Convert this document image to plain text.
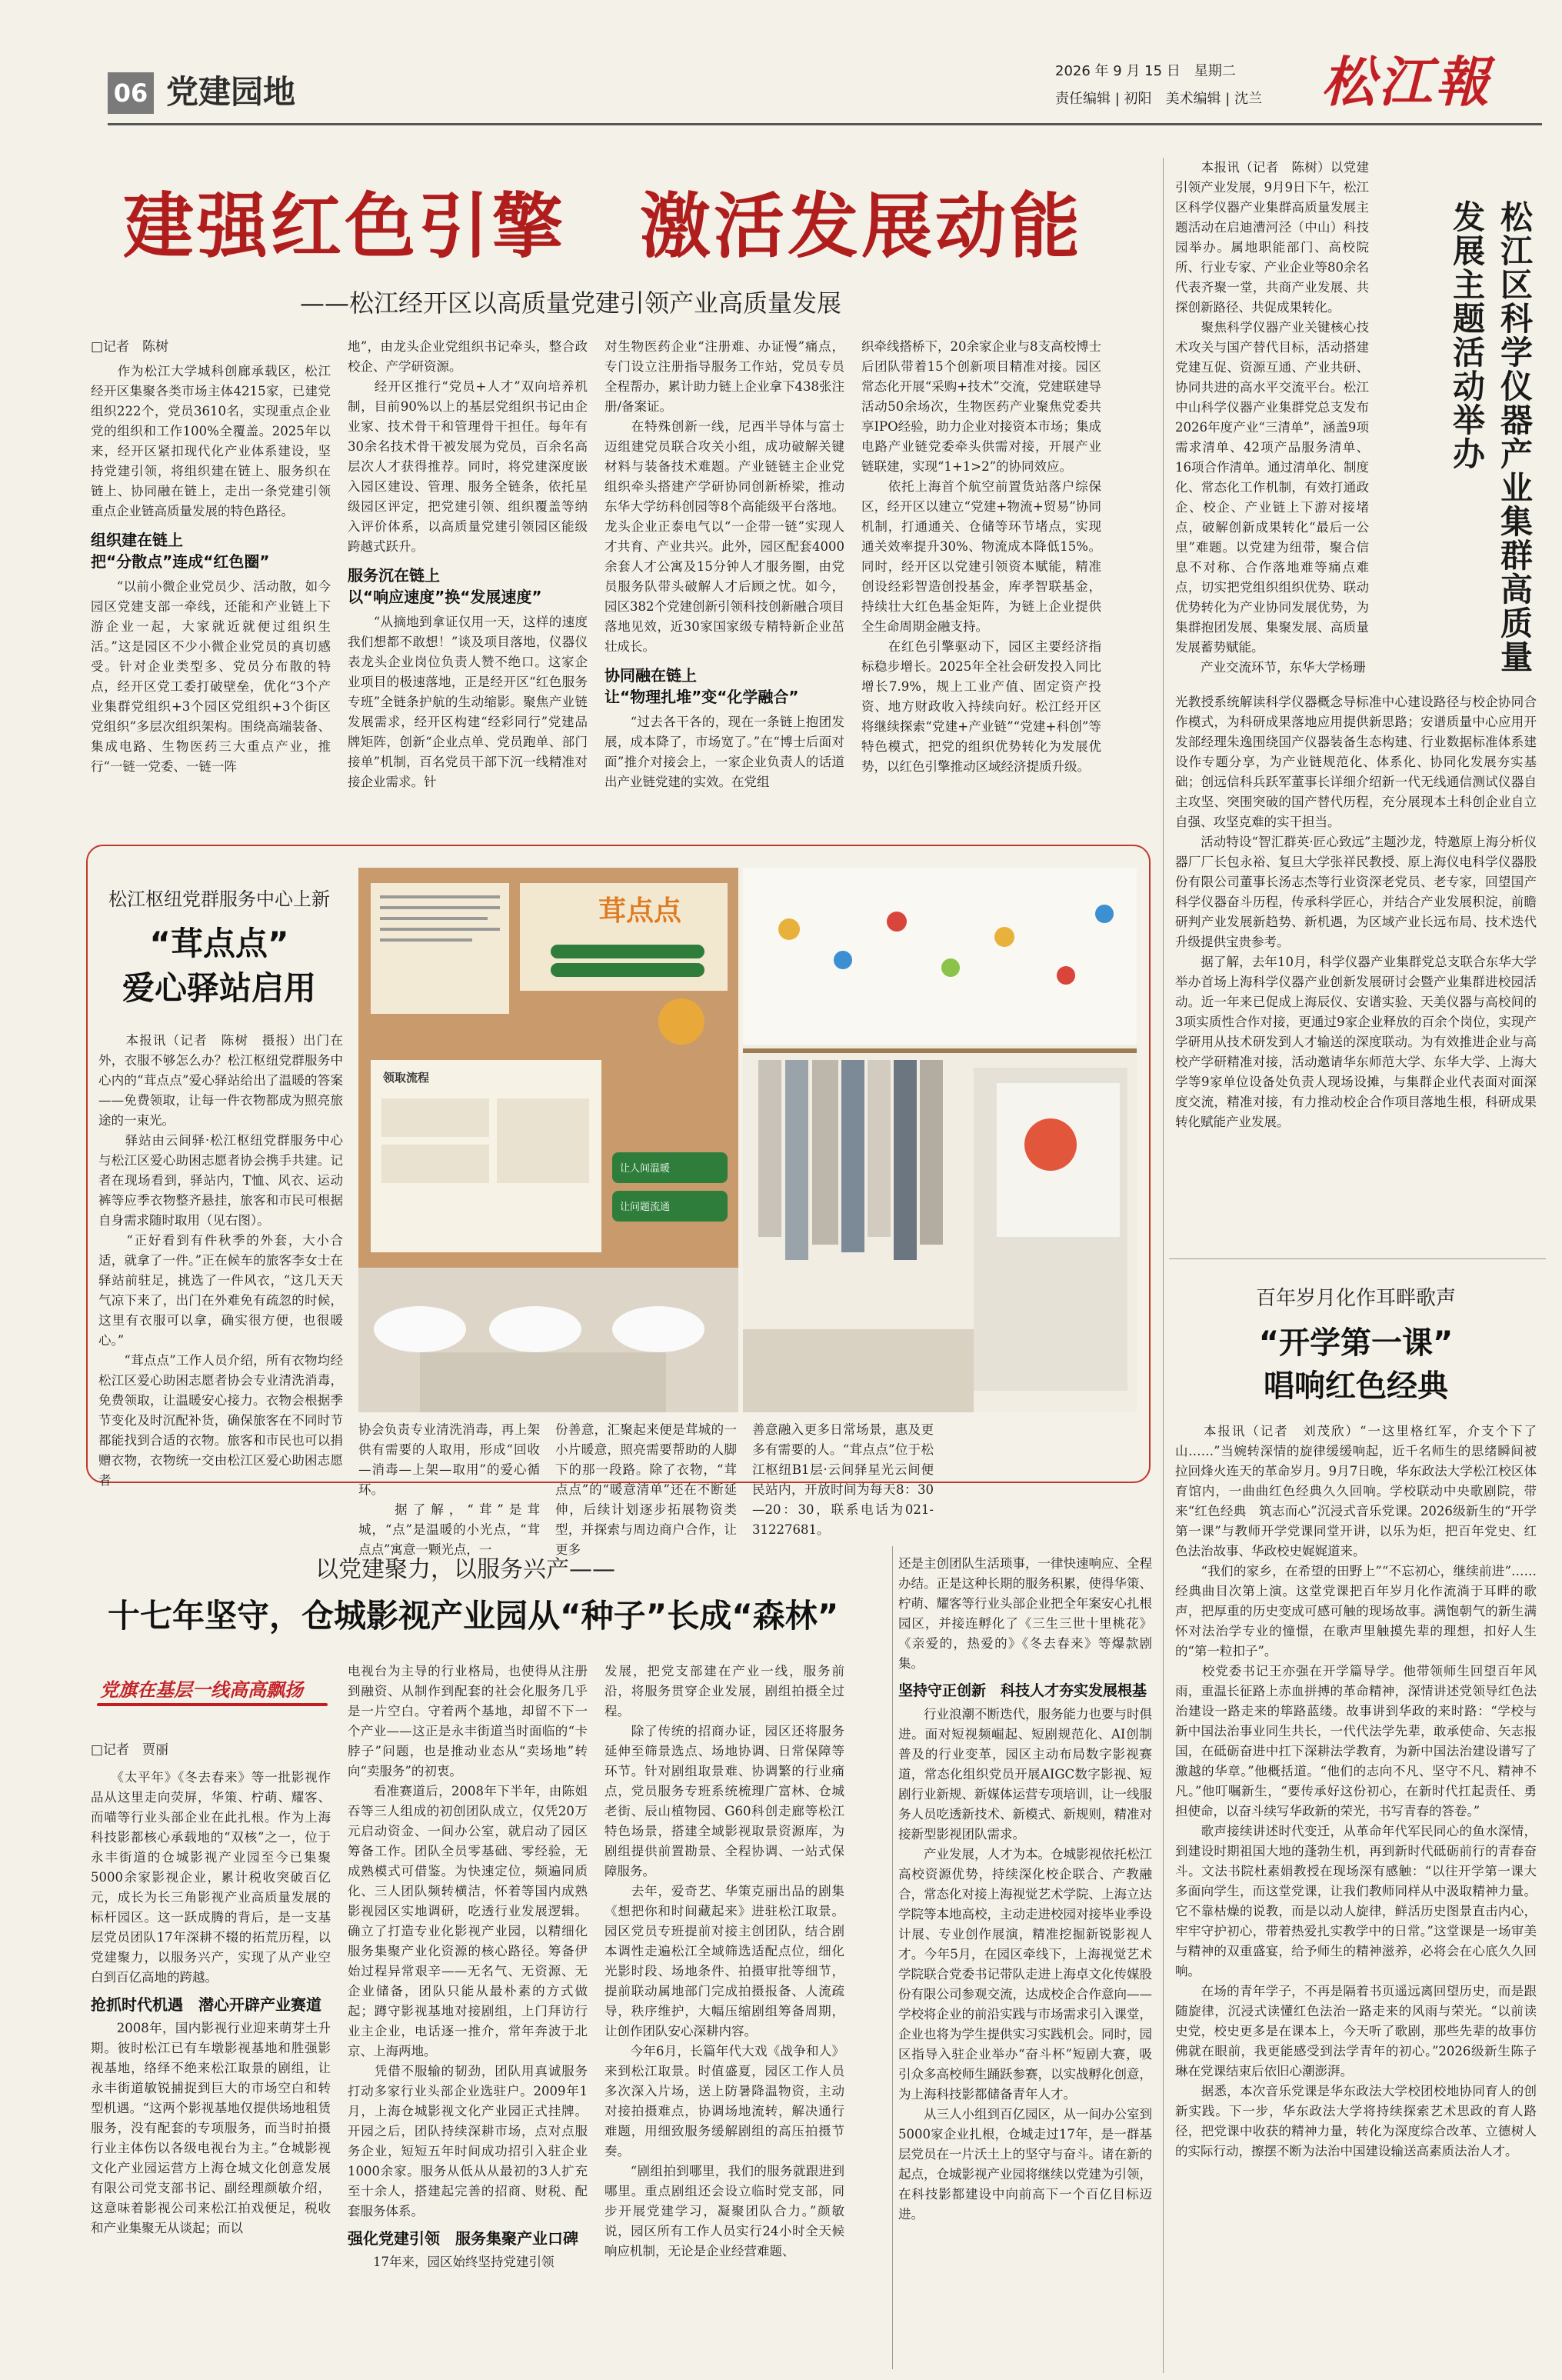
06 党建园地
2026 年 9 月 15 日　星期二
责任编辑 | 初阳　美术编辑 | 沈兰 松江報
建强红色引擎　激活发展动能
——松江经开区以高质量党建引领产业高质量发展
□记者　陈树
　　作为松江大学城科创廊承载区，松江经开区集聚各类市场主体4215家，已建党组织222个，党员3610名，实现重点企业党的组织和工作100%全覆盖。2025年以来，经开区紧扣现代化产业体系建设，坚持党建引领，将组织建在链上、服务织在链上、协同融在链上，走出一条党建引领重点企业链高质量发展的特色路径。
组织建在链上
把“分散点”连成“红色圈”
　　“以前小微企业党员少、活动散，如今园区党建支部一牵线，还能和产业链上下游企业一起，大家就近就便过组织生活。”这是园区不少小微企业党员的真切感受。针对企业类型多、党员分布散的特点，经开区党工委打破壁垒，优化“3个产业集群党组织+3个园区党组织+3个街区党组织”多层次组织架构。围绕高端装备、集成电路、生物医药三大重点产业，推行“一链一党委、一链一阵
地”，由龙头企业党组织书记牵头，整合政校企、产学研资源。
　　经开区推行“党员+人才”双向培养机制，目前90%以上的基层党组织书记由企业家、技术骨干和管理骨干担任。每年有30余名技术骨干被发展为党员，百余名高层次人才获得推荐。同时，将党建深度嵌入园区建设、管理、服务全链条，依托星级园区评定，把党建引领、组织覆盖等纳入评价体系，以高质量党建引领园区能级跨越式跃升。
服务沉在链上
以“响应速度”换“发展速度”
　　“从摘地到拿证仅用一天，这样的速度我们想都不敢想！”谈及项目落地，仪器仪表龙头企业岗位负责人赞不绝口。这家企业项目的极速落地，正是经开区“红色服务专班”全链条护航的生动缩影。聚焦产业链发展需求，经开区构建“经彩同行”党建品牌矩阵，创新“企业点单、党员跑单、部门接单”机制，百名党员干部下沉一线精准对接企业需求。针
对生物医药企业“注册难、办证慢”痛点，专门设立注册指导服务工作站，党员专员全程帮办，累计助力链上企业拿下438张注册/备案证。
　　在特殊创新一线，尼西半导体与富士迈组建党员联合攻关小组，成功破解关键材料与装备技术难题。产业链链主企业党组织牵头搭建产学研协同创新桥梁，推动东华大学纺科创园等8个高能级平台落地。龙头企业正泰电气以“一企带一链”实现人才共育、产业共兴。此外，园区配套4000余套人才公寓及15分钟人才服务圈，由党员服务队带头破解人才后顾之忧。如今，园区382个党建创新引领科技创新融合项目落地见效，近30家国家级专精特新企业茁壮成长。
协同融在链上
让“物理扎堆”变“化学融合”
　　“过去各干各的，现在一条链上抱团发展，成本降了，市场宽了。”在“博士后面对面”推介对接会上，一家企业负责人的话道出产业链党建的实效。在党组
织牵线搭桥下，20余家企业与8支高校博士后团队带着15个创新项目精准对接。园区常态化开展“采购+技术”交流，党建联建导活动50余场次，生物医药产业聚焦党委共享IPO经验，助力企业对接资本市场；集成电路产业链党委牵头供需对接，开展产业链联建，实现“1+1>2”的协同效应。
　　依托上海首个航空前置货站落户综保区，经开区以建立“党建+物流+贸易”协同机制，打通通关、仓储等环节堵点，实现通关效率提升30%、物流成本降低15%。同时，经开区以党建引领资本赋能，精准创设经彩智造创投基金，库孝智联基金，持续壮大红色基金矩阵，为链上企业提供全生命周期金融支持。
　　在红色引擎驱动下，园区主要经济指标稳步增长。2025年全社会研发投入同比增长7.9%，规上工业产值、固定资产投资、地方财政收入持续向好。松江经开区将继续探索“党建+产业链”“党建+科创”等特色模式，把党的组织优势转化为发展优势，以红色引擎推动区域经济提质升级。
　　本报讯（记者　陈树）以党建引领产业发展，9月9日下午，松江区科学仪器产业集群高质量发展主题活动在启迪漕河泾（中山）科技园举办。属地职能部门、高校院所、行业专家、产业企业等80余名代表齐聚一堂，共商产业发展、共探创新路径、共促成果转化。
　　聚焦科学仪器产业关键核心技术攻关与国产替代目标，活动搭建党建互促、资源互通、产业共研、协同共进的高水平交流平台。松江中山科学仪器产业集群党总支发布2026年度产业“三清单”，涵盖9项需求清单、42项产品服务清单、16项合作清单。通过清单化、制度化、常态化工作机制，有效打通政企、校企、产业链上下游对接堵点，破解创新成果转化“最后一公里”难题。以党建为纽带，聚合信息不对称、合作落地难等痛点难点，切实把党组织组织优势、联动优势转化为产业协同发展优势，为集群抱团发展、集聚发展、高质量发展蓄势赋能。
　　产业交流环节，东华大学杨珊	松江区科学仪器产业集群高质量发展主题活动举办
松江枢纽党群服务中心上新
“茸点点”
爱心驿站启用
　　本报讯（记者　陈树　摄报）出门在外，衣服不够怎么办？松江枢纽党群服务中心内的“茸点点”爱心驿站给出了温暖的答案——免费领取，让每一件衣物都成为照亮旅途的一束光。
　　驿站由云间驿·松江枢纽党群服务中心与松江区爱心助困志愿者协会携手共建。记者在现场看到，驿站内，T恤、风衣、运动裤等应季衣物整齐悬挂，旅客和市民可根据自身需求随时取用（见右图）。
　　“正好看到有件秋季的外套，大小合适，就拿了一件。”正在候车的旅客李女士在驿站前驻足，挑选了一件风衣，“这几天天气凉下来了，出门在外难免有疏忽的时候，这里有衣服可以拿，确实很方便，也很暖心。”
　　“茸点点”工作人员介绍，所有衣物均经松江区爱心助困志愿者协会专业清洗消毒，免费领取，让温暖安心接力。衣物会根据季节变化及时沉配补货，确保旅客在不同时节都能找到合适的衣物。旅客和市民也可以捐赠衣物，衣物统一交由松江区爱心助困志愿者
茸点点
领取流程
让人间温暖
让问题流通
协会负责专业清洗消毒，再上架供有需要的人取用，形成“回收—消毒—上架—取用”的爱心循环。
　　据了解，“茸”是茸城，“点”是温暖的小光点，“茸点点”寓意一颗光点，一
份善意，汇聚起来便是茸城的一小片暖意，照亮需要帮助的人脚下的那一段路。除了衣物，“茸点点”的“暖意清单”还在不断延伸，后续计划逐步拓展物资类型，并探索与周边商户合作，让更多
善意融入更多日常场景，惠及更多有需要的人。“茸点点”位于松江枢纽B1层·云间驿星光云间便民站内，开放时间为每天8：30—20：30，联系电话为021-31227681。
以党建聚力，以服务兴产——
十七年坚守，仓城影视产业园从“种子”长成“森林”
党旗在基层一线高高飘扬
□记者　贾丽
　　《太平年》《冬去春来》等一批影视作品从这里走向荧屏，华策、柠萌、耀客、而喵等行业头部企业在此扎根。作为上海科技影都核心承载地的“双核”之一，位于永丰街道的仓城影视产业园至今已集聚5000余家影视企业，累计税收突破百亿元，成长为长三角影视产业高质量发展的标杆园区。这一跃成腾的背后，是一支基层党员团队17年深耕不辍的拓荒历程，以党建聚力，以服务兴产，实现了从产业空白到百亿高地的跨越。
抢抓时代机遇　潜心开辟产业赛道
　　2008年，国内影视行业迎来萌芽土升期。彼时松江已有车墩影视基地和胜强影视基地，络绎不绝来松江取景的剧组，让永丰街道敏锐捕捉到巨大的市场空白和转型机遇。“这两个影视基地仅提供场地租赁服务，没有配套的专项服务，而当时拍摄行业主体伤以各级电视台为主。”仓城影视文化产业园运营方上海仓城文化创意发展有限公司党支部书记、副经理颜敏介绍，这意味着影视公司来松江拍戏便足，税收和产业集聚无从谈起；而以
电视台为主导的行业格局，也使得从注册到融资、从制作到配套的社会化服务几乎是一片空白。守着两个基地，却留不下一个产业——这正是永丰街道当时面临的“卡脖子”问题，也是推动业态从“卖场地”转向“卖服务”的初衷。
　　看准赛道后，2008年下半年，由陈姐吞等三人组成的初创团队成立，仅凭20万元启动资金、一间办公室，就启动了园区筹备工作。团队全员零基础、零经验，无成熟模式可借鉴。为快速定位，频遍同质化、三人团队频转横洁，怀着等国内成熟影视园区实地调研，吃透行业发展逻辑。确立了打造专业化影视产业园，以精细化服务集聚产业化资源的核心路径。筹备伊始过程异常艰辛——无名气、无资源、无企业储备，团队只能从最朴素的方式做起；蹲守影视基地对接剧组，上门拜访行业主企业，电话逐一推介，常年奔波于北京、上海两地。
　　凭借不服输的韧劲，团队用真诚服务打动多家行业头部企业选驻户。2009年1月，上海仓城影视文化产业园正式挂牌。开园之后，团队持续深耕市场，点对点服务企业，短短五年时间成功招引入驻企业1000余家。服务从低从从最初的3人扩充至十余人，搭建起完善的招商、财税、配套服务体系。
强化党建引领　服务集聚产业口碑
　　17年来，园区始终坚持党建引领
发展，把党支部建在产业一线，服务前沿，将服务贯穿企业发展，剧组拍摄全过程。
　　除了传统的招商办证，园区还将服务延伸至筛景选点、场地协调、日常保障等环节。针对剧组取景难、协调繁的行业痛点，党员服务专班系统梳理广富林、仓城老街、辰山植物园、G60科创走廊等松江特色场景，搭建全域影视取景资源库，为剧组提供前置勘景、全程协调、一站式保障服务。
　　去年，爱奇艺、华策克丽出品的剧集《想把你和时间藏起来》进驻松江取景。园区党员专班提前对接主创团队，结合剧本调性走遍松江全域筛选适配点位，细化光影时段、场地条件、拍摄审批等细节，提前联动属地部门完成拍摄报备、人流疏导，秩序维护，大幅压缩剧组筹备周期，让创作团队安心深耕内容。
　　今年6月，长篇年代大戏《战争和人》来到松江取景。时值盛夏，园区工作人员多次深入片场，送上防暑降温物资，主动对接拍摄难点，协调场地流转，解决通行难题，用细致服务缓解剧组的高压拍摄节奏。
　　“剧组拍到哪里，我们的服务就跟进到哪里。重点剧组还会设立临时党支部，同步开展党建学习，凝聚团队合力。”颜敏说，园区所有工作人员实行24小时全天候响应机制，无论是企业经营难题、
还是主创团队生活琐事，一律快速响应、全程办结。正是这种长期的服务积累，使得华策、柠萌、耀客等行业头部企业把全年案安心扎根园区，并接连孵化了《三生三世十里桃花》《亲爱的，热爱的》《冬去春来》等爆款剧集。
坚持守正创新　科技人才夯实发展根基
　　行业浪潮不断迭代，服务能力也要与时俱进。面对短视频崛起、短剧规范化、AI创制普及的行业变革，园区主动布局数字影视赛道，常态化组织党员开展AIGC数字影视、短剧行业新规、新媒体运营专项培训，让一线服务人员吃透新技术、新模式、新规则，精准对接新型影视团队需求。
　　产业发展，人才为本。仓城影视依托松江高校资源优势，持续深化校企联合、产教融合，常态化对接上海视觉艺术学院、上海立达学院等本地高校，主动走进校园对接毕业季设计展、专业创作展演，精准挖掘新锐影视人才。今年5月，在园区牵线下，上海视觉艺术学院联合党委书记带队走进上海卓文化传媒股份有限公司参观交流，达成校企合作意向——学校将企业的前沿实践与市场需求引入课堂，企业也将为学生提供实习实践机会。同时，园区指导入驻企业举办“奋斗杯”短剧大赛，吸引众多高校师生踊跃参赛，以实战孵化创意，为上海科技影都储备青年人才。
　　从三人小组到百亿园区，从一间办公室到5000家企业扎根，仓城走过17年，是一群基层党员在一片沃土上的坚守与奋斗。诸在新的起点，仓城影视产业园将继续以党建为引领，在科技影都建设中向前高下一个百亿目标迈进。
百年岁月化作耳畔歌声
“开学第一课”
唱响红色经典
　　本报讯（记者　刘茂欣）“一这里格红军，介支个下了山……”当婉转深情的旋律缓缓响起，近千名师生的思绪瞬间被拉回烽火连天的革命岁月。9月7日晚，华东政法大学松江校区体育馆内，一曲曲红色经典久久回响。学校联动中央歌剧院，带来“红色经典　筑志而心”沉浸式音乐党课。2026级新生的“开学第一课”与教师开学党课同堂开讲，以乐为炬，把百年党史、红色法治故事、华政校史娓娓道来。
　　“我们的家乡，在希望的田野上”“不忘初心，继续前进”……经典曲目次第上演。这堂党课把百年岁月化作流淌于耳畔的歌声，把厚重的历史变成可感可触的现场故事。满饱朝气的新生满怀对法治学专业的憧憬，在歌声里触摸先辈的理想，扣好人生的“第一粒扣子”。
　　校党委书记王亦强在开学篇导学。他带领师生回望百年风雨，重温长征路上赤血拼搏的革命精神，深情讲述党领导红色法治建设一路走来的筚路蓝缕。故事讲到华政的来时路：“学校与新中国法治事业同生共长，一代代法学先辈，敢承使命、矢志报国，在砥砺奋进中扛下深耕法学教育，为新中国法治建设谱写了激越的华章。”他概括道。“他们的志向不凡、坚守不凡、精神不凡。”他叮嘱新生，“要传承好这份初心，在新时代扛起责任、勇担使命，以奋斗续写华政新的荣光，书写青春的答卷。”
　　歌声接续讲述时代变迁，从革命年代军民同心的鱼水深情，到建设时期祖国大地的蓬勃生机，再到新时代砥砺前行的青春奋斗。文法书院杜素娟教授在现场深有感触：“以往开学第一课大多面向学生，而这堂党课，让我们教师同样从中汲取精神力量。它不靠枯燥的说教，而是以动人旋律，鲜活历史图景直击内心，牢牢守护初心，带着热爱扎实教学中的日常。”这堂课是一场审美与精神的双重盛宴，给予师生的精神滋养，必将会在心底久久回响。
　　在场的青年学子，不再是隔着书页遥远离回望历史，而是跟随旋律，沉浸式读懂红色法治一路走来的风雨与荣光。“以前读史党，校史更多是在课本上，今天听了歌剧，那些先辈的故事仿佛就在眼前，我更能感受到法学青年的初心。”2026级新生陈子琳在党课结束后依旧心潮澎湃。
　　据悉，本次音乐党课是华东政法大学校团校地协同育人的创新实践。下一步，华东政法大学将持续探索艺术思政的育人路径，把党课中收获的精神力量，转化为深度综合改革、立德树人的实际行动，擦摆不断为法治中国建设输送高素质法治人才。
光教授系统解读科学仪器概念导标准中心建设路径与校企协同合作模式，为科研成果落地应用提供新思路；安谱质量中心应用开发部经理朱逸围绕国产仪器装备生态构建、行业数据标准体系建设作专题分享，为产业链规范化、体系化、协同化发展夯实基础；创远信科兵跃军董事长详细介绍新一代无线通信测试仪器自主攻坚、突围突破的国产替代历程，充分展现本土科创企业自立自强、攻坚克难的实干担当。
　　活动特设“智汇群英·匠心致远”主题沙龙，特邀原上海分析仪器厂厂长包永裕、复旦大学张祥民教授、原上海仪电科学仪器股份有限公司董事长汤志杰等行业资深老党员、老专家，回望国产科学仪器奋斗历程，传承科学匠心，并结合产业发展积淀，前瞻研判产业发展新趋势、新机遇，为区域产业长远布局、技术迭代升级提供宝贵参考。
　　据了解，去年10月，科学仪器产业集群党总支联合东华大学举办首场上海科学仪器产业创新发展研讨会暨产业集群进校园活动。近一年来已促成上海辰仪、安谱实验、天美仪器与高校间的3项实质性合作对接，更通过9家企业释放的百余个岗位，实现产学研用从技术研发到人才输送的深度联动。为有效推进企业与高校产学研精准对接，活动邀请华东师范大学、东华大学、上海大学等9家单位设备处负责人现场设摊，与集群企业代表面对面深度交流，精准对接，有力推动校企合作项目落地生根，科研成果转化赋能产业发展。
